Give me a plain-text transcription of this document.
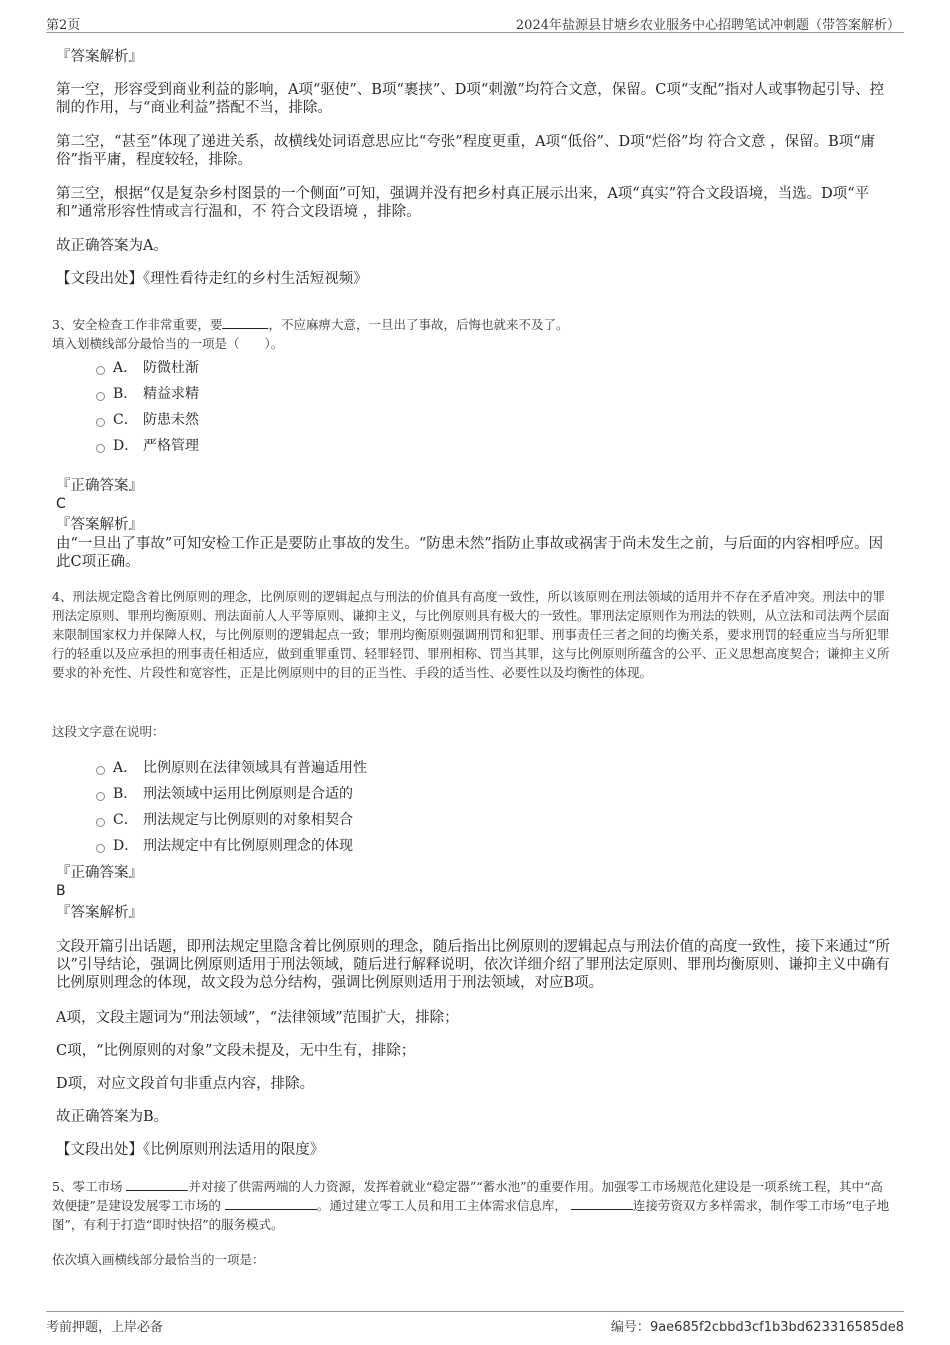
第2页	2024年盐源县甘塘乡农业服务中心招聘笔试冲刺题（带答案解析）
『答案解析』
第一空，形容受到商业利益的影响，A项“驱使”、B项“裹挟”、D项“刺激”均符合文意，保留。C项“支配”指对人或事物起引导、控制的作用，与“商业利益”搭配不当，排除。
第二空，“甚至”体现了递进关系，故横线处词语意思应比“夸张”程度更重，A项“低俗”、D项“烂俗”均 符合文意 ，保留。B项“庸俗”指平庸，程度较轻，排除。
第三空，根据“仅是复杂乡村图景的一个侧面”可知，强调并没有把乡村真正展示出来，A项“真实”符合文段语境，当选。D项“平和”通常形容性情或言行温和，不 符合文段语境 ，排除。
故正确答案为A。
【文段出处】《理性看待走红的乡村生活短视频》
3、安全检查工作非常重要，要	，不应麻痹大意，一旦出了事故，后悔也就来不及了。
填入划横线部分最恰当的一项是（　　）。
A． 防微杜渐
B． 精益求精
C． 防患未然
D． 严格管理
『正确答案』
C
『答案解析』
由“一旦出了事故”可知安检工作正是要防止事故的发生。“防患未然”指防止事故或祸害于尚未发生之前，与后面的内容相呼应。因此C项正确。
4、刑法规定隐含着比例原则的理念，比例原则的逻辑起点与刑法的价值具有高度一致性，所以该原则在刑法领域的适用并不存在矛盾冲突。刑法中的罪刑法定原则、罪刑均衡原则、刑法面前人人平等原则、谦抑主义，与比例原则具有极大的一致性。罪刑法定原则作为刑法的铁则，从立法和司法两个层面来限制国家权力并保障人权，与比例原则的逻辑起点一致；罪刑均衡原则强调刑罚和犯罪、刑事责任三者之间的均衡关系，要求刑罚的轻重应当与所犯罪行的轻重以及应承担的刑事责任相适应，做到重罪重罚、轻罪轻罚、罪刑相称、罚当其罪，这与比例原则所蕴含的公平、正义思想高度契合；谦抑主义所要求的补充性、片段性和宽容性，正是比例原则中的目的正当性、手段的适当性、必要性以及均衡性的体现。
这段文字意在说明：
A． 比例原则在法律领域具有普遍适用性
B． 刑法领域中运用比例原则是合适的
C． 刑法规定与比例原则的对象相契合
D． 刑法规定中有比例原则理念的体现
『正确答案』
B
『答案解析』
文段开篇引出话题，即刑法规定里隐含着比例原则的理念，随后指出比例原则的逻辑起点与刑法价值的高度一致性，接下来通过“所以”引导结论，强调比例原则适用于刑法领域，随后进行解释说明，依次详细介绍了罪刑法定原则、罪刑均衡原则、谦抑主义中确有比例原则理念的体现，故文段为总分结构，强调比例原则适用于刑法领域，对应B项。
A项，文段主题词为“刑法领域”，“法律领域”范围扩大，排除；
C项，“比例原则的对象”文段未提及，无中生有，排除；
D项，对应文段首句非重点内容，排除。
故正确答案为B。
【文段出处】《比例原则刑法适用的限度》
5、零工市场	并对接了供需两端的人力资源，发挥着就业“稳定器”“蓄水池”的重要作用。加强零工市场规范化建设是一项系统工程，其中“高效便捷”是建设发展零工市场的	。通过建立零工人员和用工主体需求信息库，	连接劳资双方多样需求，制作零工市场“电子地图”，有利于打造“即时快招”的服务模式。
依次填入画横线部分最恰当的一项是：
考前押题，上岸必备	编号：9ae685f2cbbd3cf1b3bd623316585de8
